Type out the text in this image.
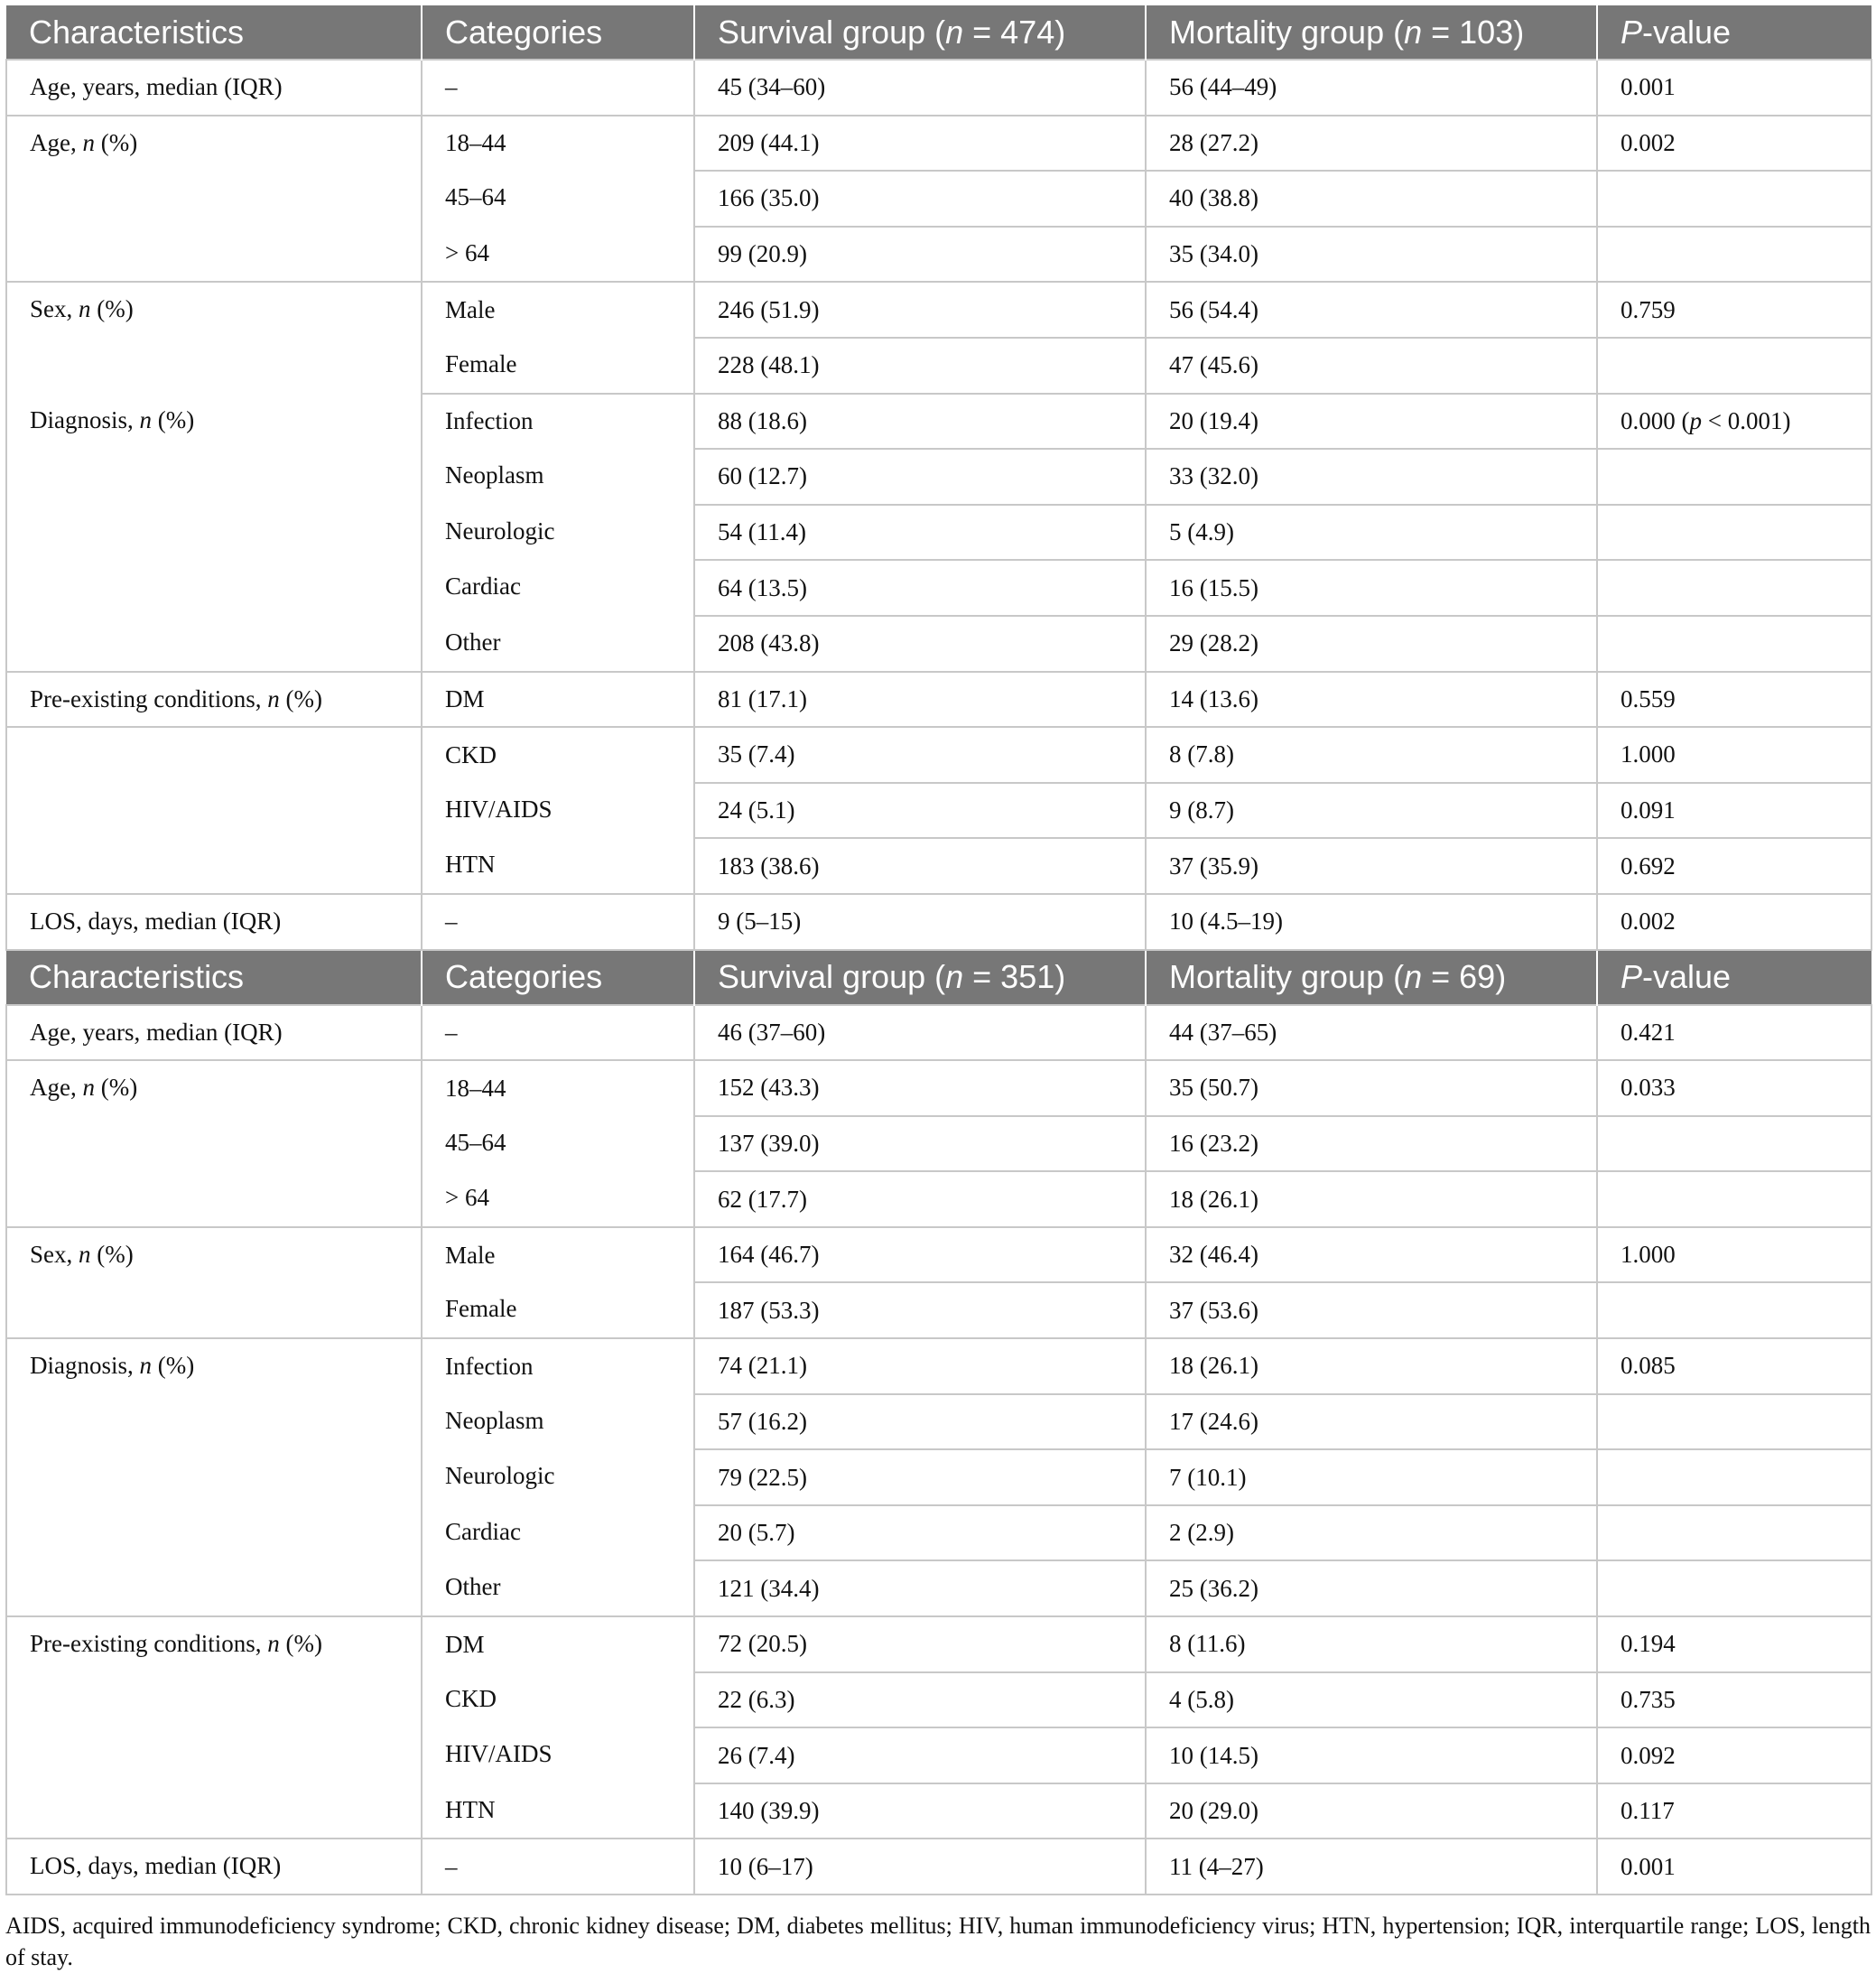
Characteristics	Categories	Survival group (n = 474)	Mortality group (n = 103)	P-value
Age, years, median (IQR)	–	45 (34–60)	56 (44–49)	0.001
Age, n (%)	18–44	209 (44.1)	28 (27.2)	0.002
	45–64	166 (35.0)	40 (38.8)	
	> 64	99 (20.9)	35 (34.0)	
Sex, n (%)	Male	246 (51.9)	56 (54.4)	0.759
	Female	228 (48.1)	47 (45.6)	
Diagnosis, n (%)	Infection	88 (18.6)	20 (19.4)	0.000 (p < 0.001)
	Neoplasm	60 (12.7)	33 (32.0)	
	Neurologic	54 (11.4)	5 (4.9)	
	Cardiac	64 (13.5)	16 (15.5)	
	Other	208 (43.8)	29 (28.2)	
Pre-existing conditions, n (%)	DM	81 (17.1)	14 (13.6)	0.559
	CKD	35 (7.4)	8 (7.8)	1.000
	HIV/AIDS	24 (5.1)	9 (8.7)	0.091
	HTN	183 (38.6)	37 (35.9)	0.692
LOS, days, median (IQR)	–	9 (5–15)	10 (4.5–19)	0.002
Characteristics	Categories	Survival group (n = 351)	Mortality group (n = 69)	P-value
Age, years, median (IQR)	–	46 (37–60)	44 (37–65)	0.421
Age, n (%)	18–44	152 (43.3)	35 (50.7)	0.033
	45–64	137 (39.0)	16 (23.2)	
	> 64	62 (17.7)	18 (26.1)	
Sex, n (%)	Male	164 (46.7)	32 (46.4)	1.000
	Female	187 (53.3)	37 (53.6)	
Diagnosis, n (%)	Infection	74 (21.1)	18 (26.1)	0.085
	Neoplasm	57 (16.2)	17 (24.6)	
	Neurologic	79 (22.5)	7 (10.1)	
	Cardiac	20 (5.7)	2 (2.9)	
	Other	121 (34.4)	25 (36.2)	
Pre-existing conditions, n (%)	DM	72 (20.5)	8 (11.6)	0.194
	CKD	22 (6.3)	4 (5.8)	0.735
	HIV/AIDS	26 (7.4)	10 (14.5)	0.092
	HTN	140 (39.9)	20 (29.0)	0.117
LOS, days, median (IQR)	–	10 (6–17)	11 (4–27)	0.001
AIDS, acquired immunodeficiency syndrome; CKD, chronic kidney disease; DM, diabetes mellitus; HIV, human immunodeficiency virus; HTN, hypertension; IQR, interquartile range; LOS, length of stay.
